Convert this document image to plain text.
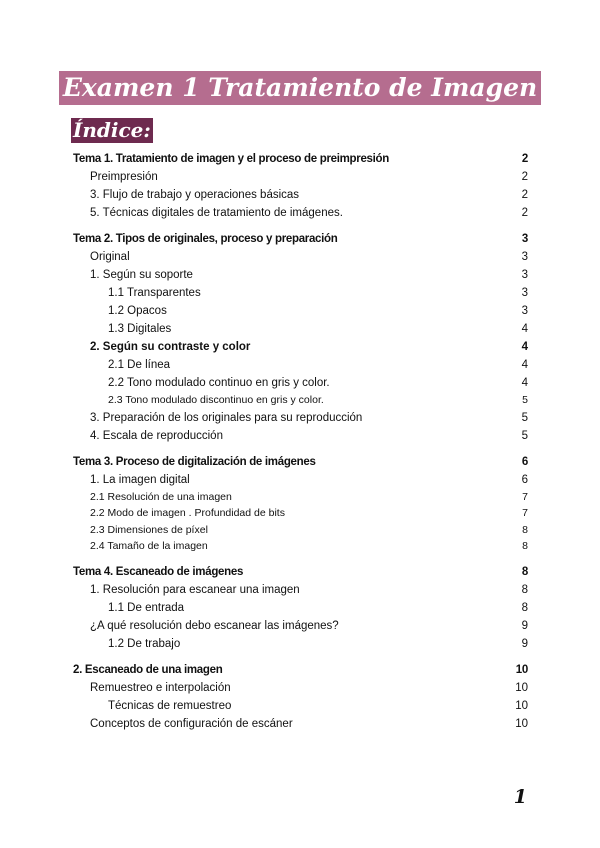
Examen 1 Tratamiento de Imagen
Índice:
Tema 1. Tratamiento de imagen y el proceso de preimpresión	2
Preimpresión	2
3. Flujo de trabajo y operaciones básicas	2
5. Técnicas digitales de tratamiento de imágenes.	2
Tema 2. Tipos de originales, proceso y preparación	3
Original	3
1. Según su soporte	3
1.1 Transparentes	3
1.2 Opacos	3
1.3 Digitales	4
2. Según su contraste y color	4
2.1 De línea	4
2.2 Tono modulado continuo en gris y color.	4
2.3 Tono modulado discontinuo en gris y color.	5
3. Preparación de los originales para su reproducción	5
4. Escala de reproducción	5
Tema 3. Proceso de digitalización de imágenes	6
1. La imagen digital	6
2.1 Resolución de una imagen	7
2.2 Modo de imagen . Profundidad de bits	7
2.3 Dimensiones de píxel	8
2.4 Tamaño de la imagen	8
Tema 4. Escaneado de imágenes	8
1. Resolución para escanear una imagen	8
1.1 De entrada	8
¿A qué resolución debo escanear las imágenes?	9
1.2 De trabajo	9
2. Escaneado de una imagen	10
Remuestreo e interpolación	10
Técnicas de remuestreo	10
Conceptos de configuración de escáner	10
1
